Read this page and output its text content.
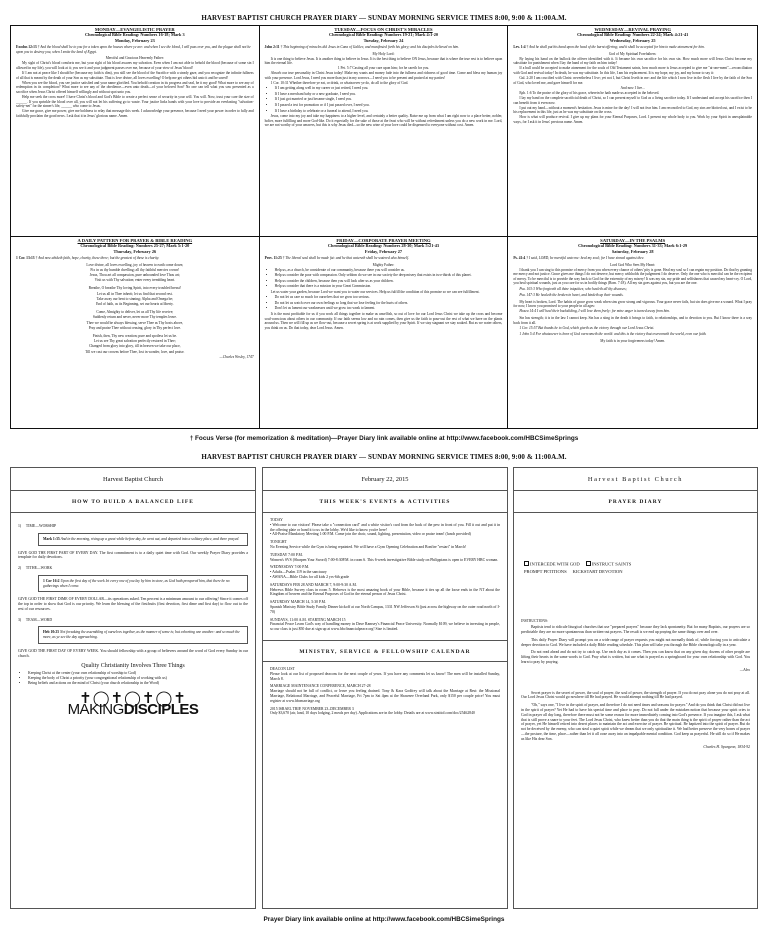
HARVEST BAPTIST CHURCH PRAYER DIARY — SUNDAY MORNING SERVICE TIMES 8:00, 9:00 & 11:00A.M.
MONDAY—EVANGELISTIC PRAYER
Chronological Bible Reading: Numbers 16-18; Mark 3
Monday, February 23
Exodus 12:13 † And the blood shall be to you for a token upon the houses where ye are: and when I see the blood, I will pass over you, and the plague shall not be upon you to destroy you, when I smite the land of Egypt.

Merciful and Gracious Heavenly Father:

My sight of Christ's blood comforts me, but your sight of his blood assures my salvation. Even when I am not able to behold the blood (because of some sin I allowed in my life), you will look at it; you see it and your judgment passes over me, because of your view of Jesus' blood!

If I am not at peace like I should be (because my faith is dim), you still see the blood of the Sacrifice with a steady gaze, and you recognize the infinite fullness of all that is meant by the death of your Son as my substitute. That is love divine, all loves excelling! O help me get others hid unto it and be saved!

When you see the blood, you see justice satisfied and your name glorified. You behold creation in its progress and seal, be it my good! What more to see any of redemption in its completion? What more to see any of the obedience—even unto death—of your beloved Son? No one can tell what you saw presented as a sacrifice when Jesus Christ offered himself willingly and without spot unto you.

Help me seek the cross more! I have Christ's blood and God's Bible to create a perfect sense of security in your will. You will. Now, trust your care the size of ______. If you sprinkle the blood over all, you will not let his suffering go to waste. Your justice links hands with your love to provide an everlasting "salvation-safety-net" for the sinner's life, ______ who come to Jesus.

Give me grace, give me power, give me boldness to relay that message this week. I acknowledge your presence, because I need your power in order to fully and faithfully proclaim the good news. I ask that it in Jesus' glorious name. Amen.

TUESDAY—FOCUS ON CHRIST'S MIRACLES
Chronological Bible Reading: Numbers 19-21; Mark 4:1-20
Tuesday, February 24
John 2:11 † This beginning of miracles did Jesus in Cana of Galilee, and manifested forth his glory; and his disciples believed on him.

My Holy Lord:

It is one thing to believe Jesus. It is another thing to believe in Jesus. It is the best thing to believe ON Jesus, because that is where the true rest is to believe upon him the eternal life.

1 Pet. 5:7 Casting all your care upon him; for he careth for you.

Absorb our true personality in Christ Jesus today! Make my wants and money fade into the fullness and richness of good time. Come and bless my human joy with your presence. Lord Jesus, I need you more than just in my sorrows—I need you to be present and praised at my parties!

1 Cor. 10:31 Whether therefore ye eat, or drink, or whatsoever ye do, do all to the glory of God.

• If I am getting along well in my career or just retired, I need you.
• If I have a merchant baby or a new graduate, I need you.
• If I just got married or just became single, I need you.
• If I passed a test for promotion or if I just passed over, I need you.
• If I have a birthday to celebrate or a funeral to attend, I need you.

Jesus, come into my joy and take my happiness to a higher level, and certainly a better quality. Raise me up from what I am right now to a place better, nobler, holier, more fulfilling and more God-like. Do it especially for the sake of those at the feast who will be without refreshment unless you do a new work in me. Lord, we are not worthy of your answers, but this is why Jesus died—so the new wine of your love could be dispensed to everyone without cost. Amen.

WEDNESDAY—REVIVAL PRAYING
Chronological Bible Reading: Numbers 22-24; Mark 4:21-41
Wednesday, February 25
Lev. 1:4 † And he shall put his hand upon the head of the burnt offering; and it shall be accepted for him to make atonement for him.

God of My Spiritual Forefathers:

By laying his hand on the bullock the offerer identified with it. It became his own sacrifice for his own sin. How much more will Jesus Christ become my substitute for punishment when I lay the hand of my faith on him today!

If a bull could be accepted to make atonement for the souls of Old Testament saints, how much more is Jesus accepted to give me "at-one-ment"—reconciliation with God and revival today! In death, he was my substitute. In this life, I am his replacement. It is my hope, my joy, and my honor to say it:

Gal. 2:20 I am crucified with Christ: nevertheless I live; yet not I, but Christ liveth in me: and the life which I now live in the flesh I live by the faith of the Son of God, who loved me, and gave himself for me.

And now I live...

Eph. 1:6 To the praise of the glory of his grace, wherein he hath made us accepted in the beloved.

I lay my hand on the complete sacrificial death of Christ, so I can present myself to God as a living sacrifice today. If I understand and accept his sacrifice then I can benefit from it even now.

I put out my hand—without a moment's hesitation. Jesus is mine for the day! I will not fear him. I am reconciled to God, my sins are blotted out, and I exist to be his replacement in this life, just as he was my substitute on the cross.

How is what will produce revival. I give up my plans for your Eternal Purposes, Lord. I present my whole body to you. Work by your Spirit in unexplainable ways, for I ask it in Jesus' precious name. Amen.

A DAILY PATTERN FOR PRAYER & BIBLE READING
Chronological Bible Reading: Numbers 25-27; Mark 5:1-20
Thursday, February 26
1 Cor. 13:13 † And now abideth faith, hope, charity, these three; but the greatest of these is charity.

Love divine, all loves excelling, joy of heaven to earth come down;

Fix in us thy humble dwelling; all thy faithful mercies crown!

Jesus, Thou art all compassion, pure unbounded love Thou art;

Visit us with Thy salvation; enter every trembling heart.

Breathe, O breathe Thy loving Spirit, into every troubled breast!

Let us all in Thee inherit; let us find that second rest.

Take away our bent to sinning; Alpha and Omega be;

End of faith, as its Beginning, set our hearts at liberty.

Come, Almighty to deliver, let us all Thy life receive;

Suddenly return and never, never more Thy temples leave.

Thee we would be always blessing, serve Thee as Thy hosts above,

Pray and praise Thee without ceasing, glory in Thy perfect love.

Finish, then, Thy new creation; pure and spotless let us be.

Let us see Thy great salvation perfectly restored in Thee;

Changed from glory into glory, till in heaven we take our place,

Till we cast our crowns before Thee, lost in wonder, love, and praise.

—Charles Wesley, 1747
FRIDAY—CORPORATE PRAYER MEETING
Chronological Bible Reading: Numbers 28-30; Mark 5:21-43
Friday, February 27
Prov. 11:25 † The liberal soul shall be made fat: and he that watereth shall be watered also himself.

Mighty Father:

• Help us, as a church, be considerate of our community, because there you will consider us.
• Help us consider the poor with compassion. Only seldom do we see in our society the deep misery that exists in two-thirds of this planet.
• Help us consider the children, because then you will look after us as your children.
• Help us consider that there is a mission in your Great Commission.

Let us water your garden, because Lord we want you to water our services. Help us fulfill the condition of this promise so we can see fulfillment.

• Do not let us care so much for ourselves that we grow too serious.
• Do not let us watch over our own feelings so long that we lose feeling for the hurts of others.
• Don't let us lament our weaknesses until we grow too weak to lament.

It is the most profitable for us if you work all things together to make us unselfish, so out of love for our Lord Jesus Christ we take up the cross and become soul-conscious about others in our community. If our faith seems low and no rain comes, then give us the faith to pour-out the rest of what we have on the plants around us. Then we will fill up as we flow-out, because a secret spring is at work supplied by your Spirit. If we stay stagnant we stay soaked. But as we water others, you think on us. Do that today, dear Lord Jesus. Amen.

SATURDAY—IN THE PSALMS
Chronological Bible Reading: Numbers 31-33; Mark 6:1-29
Saturday, February 28
Ps. 41:4 † I said, LORD, be merciful unto me: heal my soul; for I have sinned against thee.

Lord God Who Sees My Heart:

I thank you I can sing to this promise of mercy from you when every chance of others' pity is gone. Heal my soul so I can regain my position. Do that by granting me mercy and not justice. Grace gives me things I do not deserve, but mercy withholds the judgement I do deserve. Only the one who is merciful can be the recipient of mercy. To be merciful is to provide the way back to God for the extremity of my misery! It was my sin, my pride and selfishness that caused my heart-cry. O Lord, you heal spiritual wounds, just as you care for us in bodily things (Rom. 7:18). All my sin goes against you, but you are the one.

Psa. 103:3 Who forgiveth all thine iniquities; who healeth all thy diseases;

Psa. 147:3 He healeth the broken in heart, and bindeth up their wounds.

My heart is broken, Lord. The habits of grace grow weak when sins grow strong and vigorous. Your grace never fails, but sin does give me a wound. What I pray for now, I know you promised to your people in all ages:

Hosea 14:4 I will heal their backsliding, I will love them freely: for mine anger is turned away from him.

Sin has strength; it is in the law I cannot keep. Sin has a sting in the death it brings to faith, to relationships, and to devotion to you. But I know there is a way back from it all.

1 Cor. 15:57 But thanks be to God, which giveth us the victory through our Lord Jesus Christ.

1 John 5:4 For whatsoever is born of God overcometh the world: and this is the victory that overcometh the world, even our faith.

My faith is in your forgiveness today! Amen.

† Focus Verse (for memorization & meditation)—Prayer Diary link available online at http://www.facebook.com/HBCSimeSprings
HARVEST BAPTIST CHURCH PRAYER DIARY — SUNDAY MORNING SERVICE TIMES 8:00, 9:00 & 11:00A.M.
Harvest Baptist Church
HOW TO BUILD A BALANCED LIFE
1) TIME—WORSHIP
Mark 1:35 And in the morning, rising up a great while before day, he went out, and departed into a solitary place, and there prayed.
GIVE GOD THE FIRST PART OF EVERY DAY. The first commitment is to a daily quiet time with God. Our weekly Prayer Diary provides a template for daily devotions.
2) TITHE—WORK
1 Cor 16:2 Upon the first day of the week let every one of you lay by him in store, as God hath prospered him, that there be no gatherings when I come.
GIVE GOD THE FIRST DIME OF EVERY DOLLAR—its operations asked. Ten percent is a minimum amount to our offering! Since it comes off the top in order to show that God is our priority. We learn the blessing of the firstfruits (first devotion, first dime and first day) to flow out to the rest of our resources.
3) TEAM—WORD
Heb 10:25 Not forsaking the assembling of ourselves together, as the manner of some is; but exhorting one another: and so much the more, as ye see the day approaching.
GIVE GOD THE FIRST DAY OF EVERY WEEK. You should fellowship with a group of believers around the word of God every Sunday in our church.
Quality Christianity Involves Three Things
• Keeping Christ at the center (your own relationship of worship to God)
• Keeping the body of Christ a priority (your congregational relationship of working with us)
• Being beliefs and actions on the mind of Christ (your church relationship in the Word)
✝◯✝◯✝◯✝
MAKINGDISCIPLES
February 22, 2015
THIS WEEK'S EVENTS & ACTIVITIES
TODAY

• Welcome to our visitors! Please take a "connection card" and a white visitor's card from the back of the pew in front of you. Fill it out and put it in the offering plate or hand it to us in the lobby. We'd like to know you're here!

• All-Praise Mandatory Meeting 1:00 P.M. Come join the choir, sound, lighting, presentation, video or praise team! (lunch provided)

TONIGHT

No Evening Service while the Gym is being repainted. We will have a Gym Opening Celebration and Bonfire "restart" in March!

TUESDAY 7:00 P.M.

Women's SVS (Sharpen Your Sword) 7:00-8:30P.M. in room 6. This 6-week investigative Bible study on Philippians is open to EVERY HBC woman.

WEDNESDAY 7:00 P.M.

• Adults—Psalm 119 in the sanctuary

• AWANA—Bible Clubs for all kids 2 yrs-6th grade

SATURDAYS FEB 28 AND MARCH 7, 9:00-9:30 A.M.

Hebrews Bible Survey class in room 5. Hebrews is the most amazing book of your Bible, because it ties up all the loose ends in the NT about the Kingdom of heaven and the Eternal Purposes of God in the eternal person of Jesus Christ.

SATURDAY MARCH 14, 5:30 P.M.

Spanish Ministry Bible Study Family Dinner kickoff at our North Campus, 1331 NW Jefferson St (just across the highway on the outer road north of I-70)

SUNDAYS, 11:00 A.M. STARTING MARCH 15

Financial Peace Learn God's way of handling money in Dave Ramsey's Financial Peace University. Normally $109, we believe in investing in people, so our class is just $50 due at sign up at www.hbcfinancialpeace.org! Size is limited.

MINISTRY, SERVICE & FELLOWSHIP CALENDAR
DEACON LIST

Please look at our list of proposed deacons for the next couple of years. If you have any comments let us know! The men will be installed Sunday, March 8.

MARRIAGE MAINTENANCE CONFERENCE, MARCH 27-28

Marriage should not be full of conflict, or leave you feeling drained. Tony & Kara Godfrey will talk about the Marriage at Rest: the Missional Marriage, Relational Marriage, and Peaceful Marriage, Fri 7pm to Sat 4pm at the Shawnee Overland Park, only $150 per couple price! You must register at www.hbcmarriage.org

2015 ISRAEL TRIP, NOVEMBER 23–DECEMBER 3

Only $3,670 (air, land, 10 days lodging, 2 meals per day). Applications are in the lobby. Details are at www.sintitol.com/doc/25462840

Harvest Baptist Church
PRAYER DIARY
INTERCEDE WITH GOD	INSTRUCT SAINTS
PROMPT PETITIONS KICKSTART DEVOTION
INSTRUCTIONS:

Baptists tend to ridicule liturgical churches that use "prepared prayers" because they lack spontaneity. But for many Baptists, our prayers are so predictable they are no more spontaneous than written-out prayers. The result is we end up praying the same things over and over.

This daily Prayer Diary will prompt you on a wide range of prayer requests you might not normally think of, while forcing you to articulate a deeper devotion to God. We have included a daily Bible reading schedule. This plan will take you through the Bible chronologically in a year.

Do not read ahead and do not try to catch up. Use each day as it comes. Then you can know that on any given day, dozens of other people are lifting their hearts in the same words to God. Pray what is written, but use what is prayed as a springboard for your own relationship with God. You learn to pray by praying.

—Alex

Secret prayer is the secret of power, the soul of prayer, the soul of power, the strength of prayer. If you do not pray alone you do not pray at all. Our Lord Jesus Christ would go nowhere till He had prayed. He would attempt nothing till He had prayed.

"Oh," says one, "I live in the spirit of prayer, and therefore I do not need times and seasons for prayer." And do you think that Christ did not live in the spirit of prayer? Yet He had to have his special time and place to pray. Do not fall under the mistaken notion that because your spirit cries to God in prayer all day long, therefore there must not be some reason for more immediately coming into God's presence. If you imagine this, I ask what that is still prove a snare to your feet. The Lord Jesus Christ, who knew better than you do that the main thing is the spirit of prayer rather than the act of prayer, yet He himself retired into desert places to maintain the act and exercise of prayer. Be spiritual. Be baptized into the spirit of prayer. But do not be deceived by the enemy, who can steal a quiet spirit while we dream that we only spiritualize it. We had better preserve the very bones of prayer—the posture, the time, place—rather than let it all ooze away into an impalpable mental condition. God keep us prayerful. He still do so if He makes us like His dear Son.

Charles H. Spurgeon, 1834-92
Prayer Diary link available online at http://www.facebook.com/HBCSimeSprings
